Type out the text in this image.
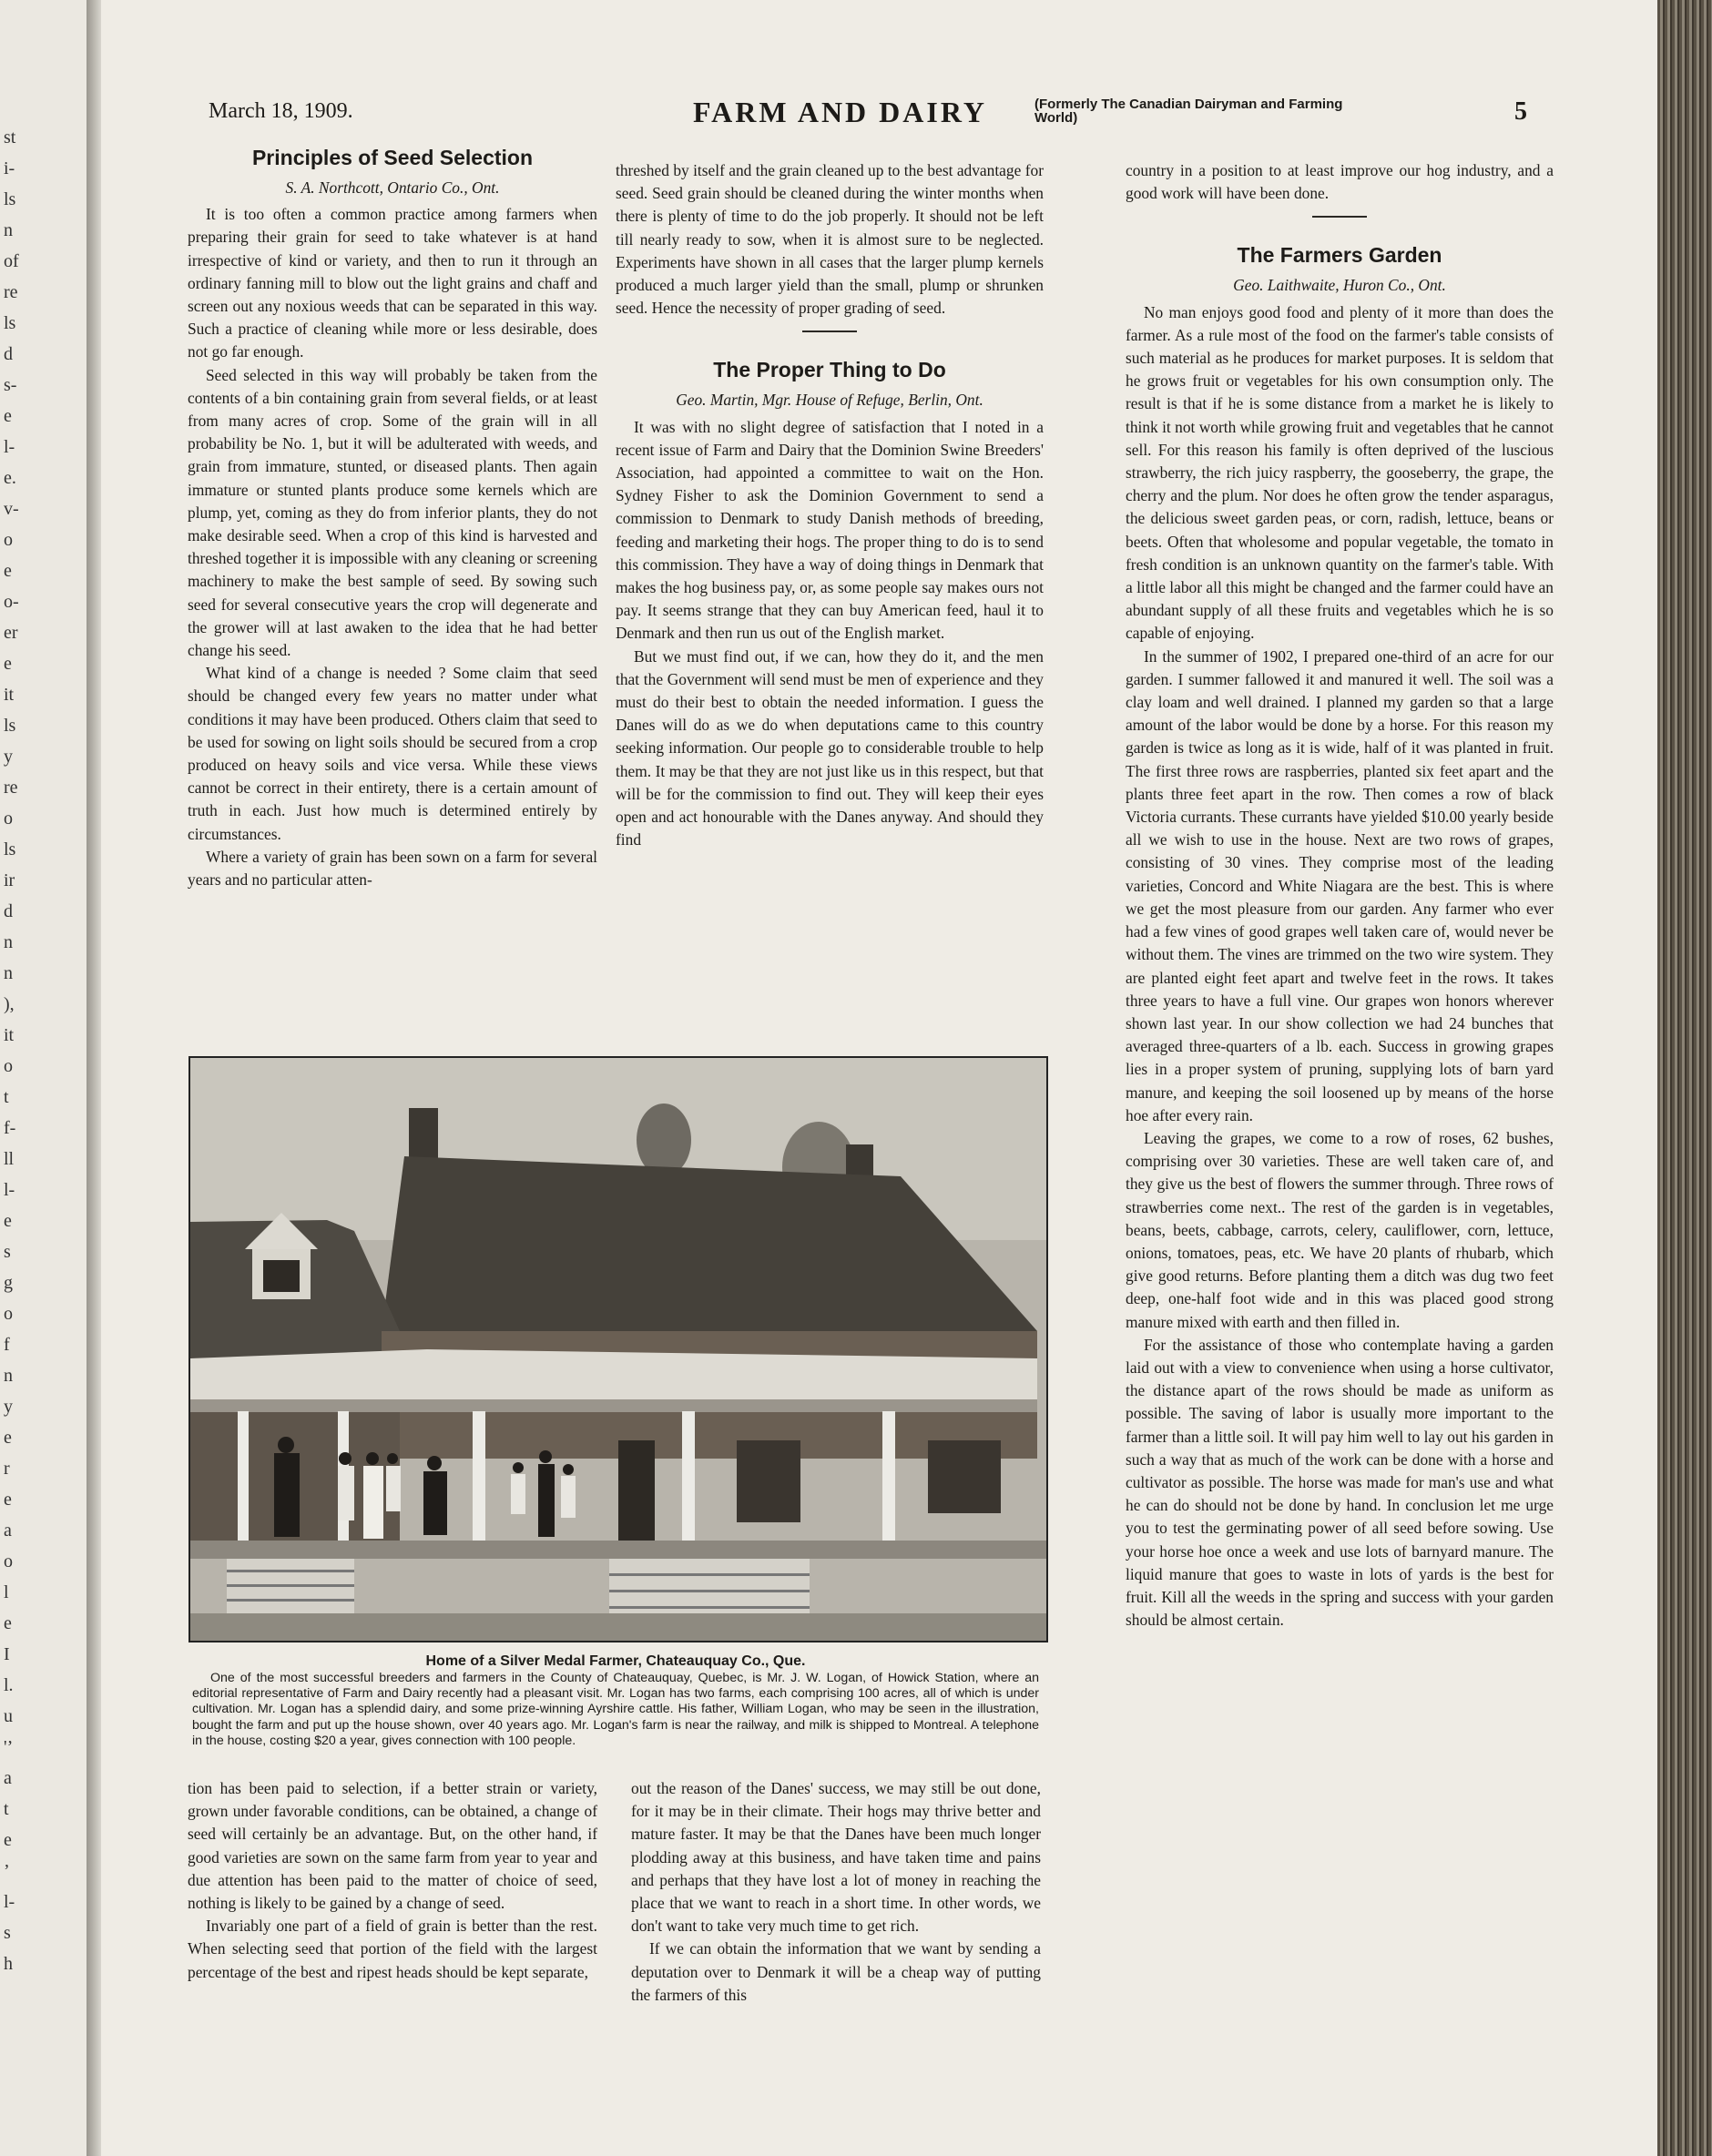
st
i-
ls
n
of
re
ls
d
s-
e
l-
e.
v-
o
e
o-
er
e
it
ls
y
re
o
ls
ir
d
n
n
),
it
o
t
f-
ll
l-
e
s
g
o
f
n
y
e
r
e
a
o
l
e
I
l.
u
'’
a
t
e
’
l-
s
h
March 18, 1909.	FARM AND DAIRY	(Formerly The Canadian Dairyman and Farming World)	5
Principles of Seed Selection

S. A. Northcott, Ontario Co., Ont.

It is too often a common practice among farmers when preparing their grain for seed to take whatever is at hand irrespective of kind or variety, and then to run it through an ordinary fanning mill to blow out the light grains and chaff and screen out any noxious weeds that can be separated in this way. Such a practice of cleaning while more or less desirable, does not go far enough.

Seed selected in this way will probably be taken from the contents of a bin containing grain from several fields, or at least from many acres of crop. Some of the grain will in all probability be No. 1, but it will be adulterated with weeds, and grain from immature, stunted, or diseased plants. Then again immature or stunted plants produce some kernels which are plump, yet, coming as they do from inferior plants, they do not make desirable seed. When a crop of this kind is harvested and threshed together it is impossible with any cleaning or screening machinery to make the best sample of seed. By sowing such seed for several consecutive years the crop will degenerate and the grower will at last awaken to the idea that he had better change his seed.

What kind of a change is needed ? Some claim that seed should be changed every few years no matter under what conditions it may have been produced. Others claim that seed to be used for sowing on light soils should be secured from a crop produced on heavy soils and vice versa. While these views cannot be correct in their entirety, there is a certain amount of truth in each. Just how much is determined entirely by circumstances.

Where a variety of grain has been sown on a farm for several years and no particular atten-

threshed by itself and the grain cleaned up to the best advantage for seed. Seed grain should be cleaned during the winter months when there is plenty of time to do the job properly. It should not be left till nearly ready to sow, when it is almost sure to be neglected. Experiments have shown in all cases that the larger plump kernels produced a much larger yield than the small, plump or shrunken seed. Hence the necessity of proper grading of seed.

The Proper Thing to Do

Geo. Martin, Mgr. House of Refuge, Berlin, Ont.

It was with no slight degree of satisfaction that I noted in a recent issue of Farm and Dairy that the Dominion Swine Breeders' Association, had appointed a committee to wait on the Hon. Sydney Fisher to ask the Dominion Government to send a commission to Denmark to study Danish methods of breeding, feeding and marketing their hogs. The proper thing to do is to send this commission. They have a way of doing things in Denmark that makes the hog business pay, or, as some people say makes ours not pay. It seems strange that they can buy American feed, haul it to Denmark and then run us out of the English market.

But we must find out, if we can, how they do it, and the men that the Government will send must be men of experience and they must do their best to obtain the needed information. I guess the Danes will do as we do when deputations came to this country seeking information. Our people go to considerable trouble to help them. It may be that they are not just like us in this respect, but that will be for the commission to find out. They will keep their eyes open and act honourable with the Danes anyway. And should they find

country in a position to at least improve our hog industry, and a good work will have been done.

The Farmers Garden

Geo. Laithwaite, Huron Co., Ont.

No man enjoys good food and plenty of it more than does the farmer. As a rule most of the food on the farmer's table consists of such material as he produces for market purposes. It is seldom that he grows fruit or vegetables for his own consumption only. The result is that if he is some distance from a market he is likely to think it not worth while growing fruit and vegetables that he cannot sell. For this reason his family is often deprived of the luscious strawberry, the rich juicy raspberry, the gooseberry, the grape, the cherry and the plum. Nor does he often grow the tender asparagus, the delicious sweet garden peas, or corn, radish, lettuce, beans or beets. Often that wholesome and popular vegetable, the tomato in fresh condition is an unknown quantity on the farmer's table. With a little labor all this might be changed and the farmer could have an abundant supply of all these fruits and vegetables which he is so capable of enjoying.

In the summer of 1902, I prepared one-third of an acre for our garden. I summer fallowed it and manured it well. The soil was a clay loam and well drained. I planned my garden so that a large amount of the labor would be done by a horse. For this reason my garden is twice as long as it is wide, half of it was planted in fruit. The first three rows are raspberries, planted six feet apart and the plants three feet apart in the row. Then comes a row of black Victoria currants. These currants have yielded $10.00 yearly beside all we wish to use in the house. Next are two rows of grapes, consisting of 30 vines. They comprise most of the leading varieties, Concord and White Niagara are the best. This is where we get the most pleasure from our garden. Any farmer who ever had a few vines of good grapes well taken care of, would never be without them. The vines are trimmed on the two wire system. They are planted eight feet apart and twelve feet in the rows. It takes three years to have a full vine. Our grapes won honors wherever shown last year. In our show collection we had 24 bunches that averaged three-quarters of a lb. each. Success in growing grapes lies in a proper system of pruning, supplying lots of barn yard manure, and keeping the soil loosened up by means of the horse hoe after every rain.

Leaving the grapes, we come to a row of roses, 62 bushes, comprising over 30 varieties. These are well taken care of, and they give us the best of flowers the summer through. Three rows of strawberries come next.. The rest of the garden is in vegetables, beans, beets, cabbage, carrots, celery, cauliflower, corn, lettuce, onions, tomatoes, peas, etc. We have 20 plants of rhubarb, which give good returns. Before planting them a ditch was dug two feet deep, one-half foot wide and in this was placed good strong manure mixed with earth and then filled in.

For the assistance of those who contemplate having a garden laid out with a view to convenience when using a horse cultivator, the distance apart of the rows should be made as uniform as possible. The saving of labor is usually more important to the farmer than a little soil. It will pay him well to lay out his garden in such a way that as much of the work can be done with a horse and cultivator as possible. The horse was made for man's use and what he can do should not be done by hand. In conclusion let me urge you to test the germinating power of all seed before sowing. Use your horse hoe once a week and use lots of barnyard manure. The liquid manure that goes to waste in lots of yards is the best for fruit. Kill all the weeds in the spring and success with your garden should be almost certain.

Home of a Silver Medal Farmer, Chateauquay Co., Que.
One of the most successful breeders and farmers in the County of Chateauquay, Quebec, is Mr. J. W. Logan, of Howick Station, where an editorial representative of Farm and Dairy recently had a pleasant visit. Mr. Logan has two farms, each comprising 100 acres, all of which is under cultivation. Mr. Logan has a splendid dairy, and some prize-winning Ayrshire cattle. His father, William Logan, who may be seen in the illustration, bought the farm and put up the house shown, over 40 years ago. Mr. Logan's farm is near the railway, and milk is shipped to Montreal. A telephone in the house, costing $20 a year, gives connection with 100 people.

tion has been paid to selection, if a better strain or variety, grown under favorable conditions, can be obtained, a change of seed will certainly be an advantage. But, on the other hand, if good varieties are sown on the same farm from year to year and due attention has been paid to the matter of choice of seed, nothing is likely to be gained by a change of seed.

Invariably one part of a field of grain is better than the rest. When selecting seed that portion of the field with the largest percentage of the best and ripest heads should be kept separate,

out the reason of the Danes' success, we may still be out done, for it may be in their climate. Their hogs may thrive better and mature faster. It may be that the Danes have been much longer plodding away at this business, and have taken time and pains and perhaps that they have lost a lot of money in reaching the place that we want to reach in a short time. In other words, we don't want to take very much time to get rich.

If we can obtain the information that we want by sending a deputation over to Denmark it will be a cheap way of putting the farmers of this
